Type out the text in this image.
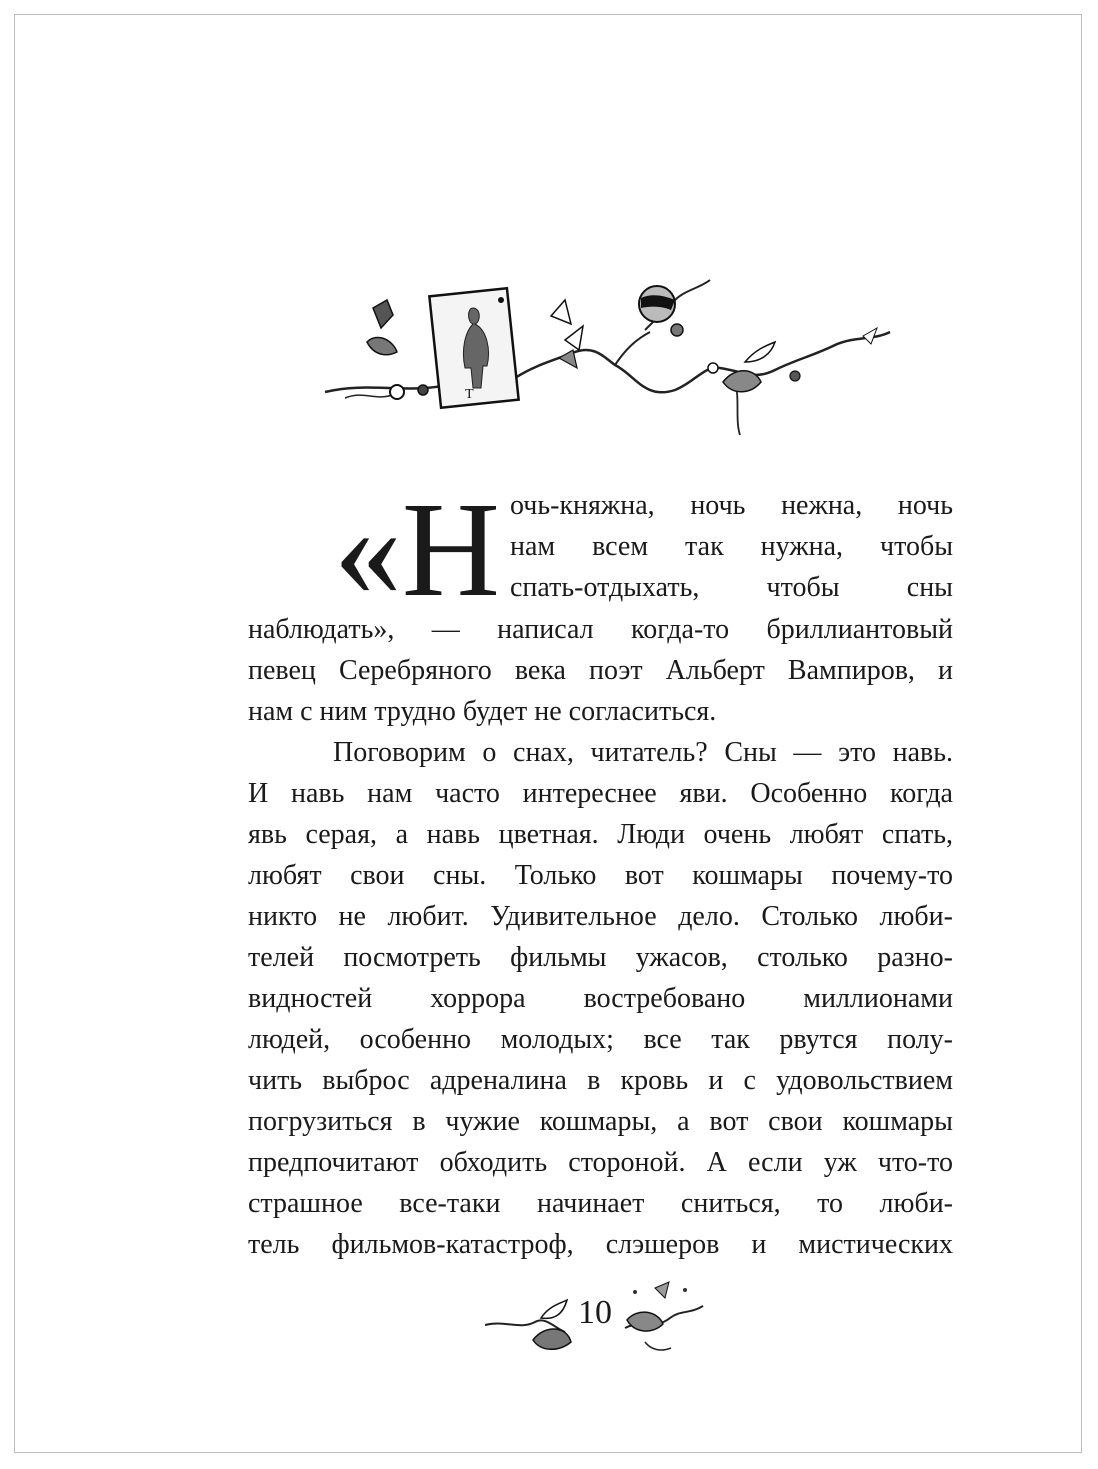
T
«Н очь-княжна, ночь нежна, ночь
нам всем так нужна, чтобы
спать-отдыхать, чтобы сны
наблюдать», — написал когда-то бриллиантовый
певец Серебряного века поэт Альберт Вампиров, и
нам с ним трудно будет не согласиться.
Поговорим о снах, читатель? Сны — это навь.
И навь нам часто интереснее яви. Особенно когда
явь серая, а навь цветная. Люди очень любят спать,
любят свои сны. Только вот кошмары почему-то
никто не любит. Удивительное дело. Столько люби-
телей посмотреть фильмы ужасов, столько разно-
видностей хоррора востребовано миллионами
людей, особенно молодых; все так рвутся полу-
чить выброс адреналина в кровь и с удовольствием
погрузиться в чужие кошмары, а вот свои кошмары
предпочитают обходить стороной. А если уж что-то
страшное все-таки начинает сниться, то люби-
тель фильмов-катастроф, слэшеров и мистических
10
